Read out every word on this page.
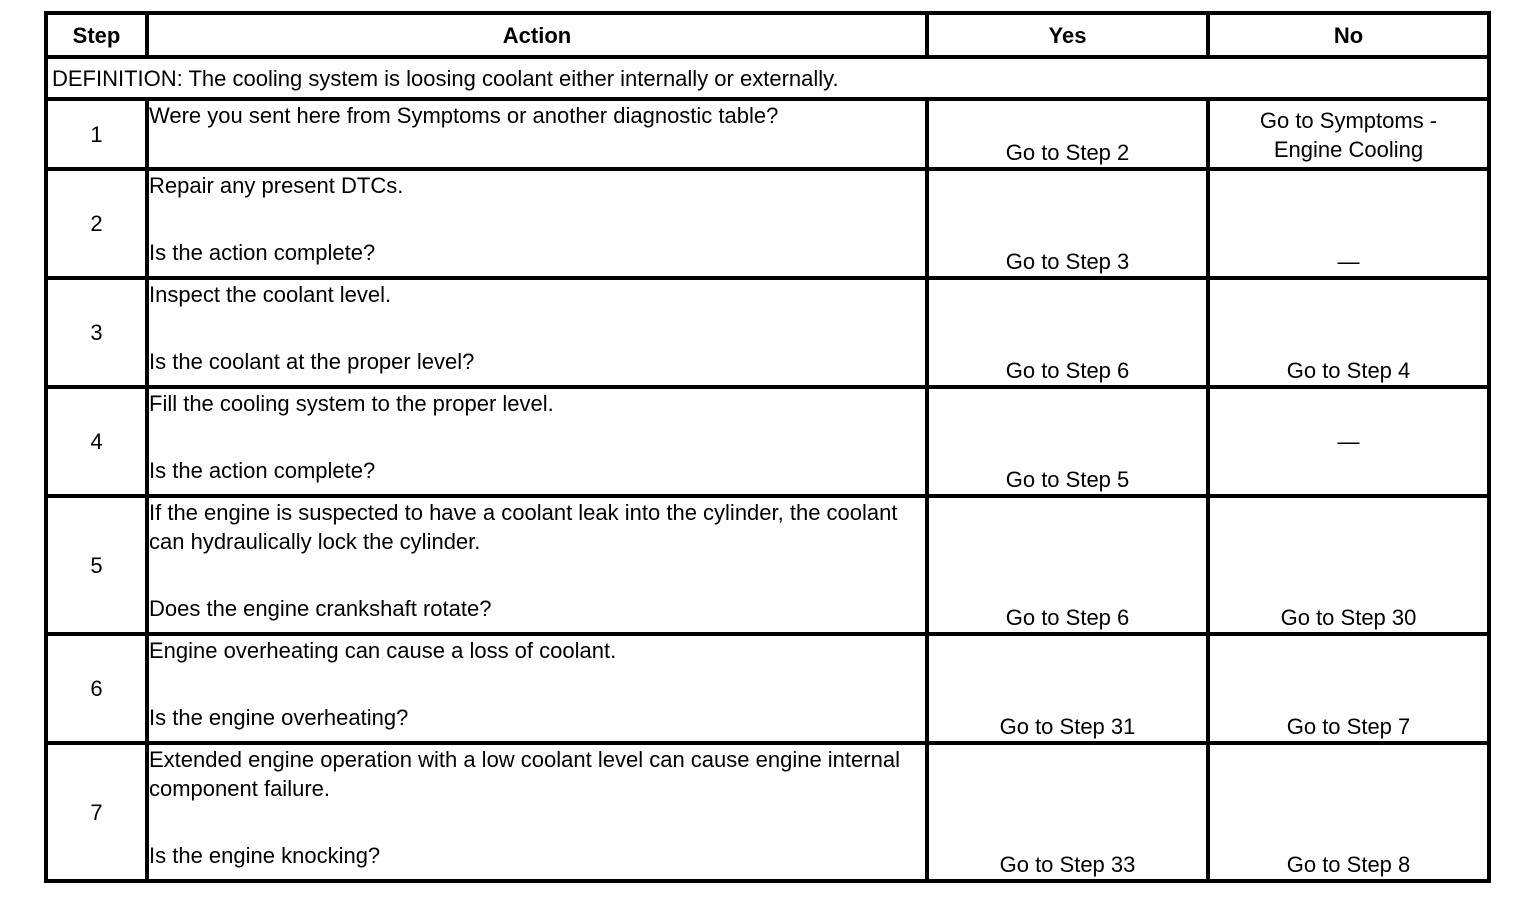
Step	Action	Yes	No
DEFINITION: The cooling system is loosing coolant either internally or externally.			
1	Were you sent here from Symptoms or another diagnostic table?	Go to Step 2	Go to Symptoms - Engine Cooling

2	Repair any present DTCs.
Is the action complete?	Go to Step 3	—
3	Inspect the coolant level.
Is the coolant at the proper level?	Go to Step 6	Go to Step 4
4	Fill the cooling system to the proper level.
Is the action complete?	Go to Step 5	—
5	If the engine is suspected to have a coolant leak into the cylinder, the coolant can hydraulically lock the cylinder.
Does the engine crankshaft rotate?	Go to Step 6	Go to Step 30
6	Engine overheating can cause a loss of coolant.
Is the engine overheating?	Go to Step 31	Go to Step 7
7	Extended engine operation with a low coolant level can cause engine internal component failure.
Is the engine knocking?	Go to Step 33	Go to Step 8
